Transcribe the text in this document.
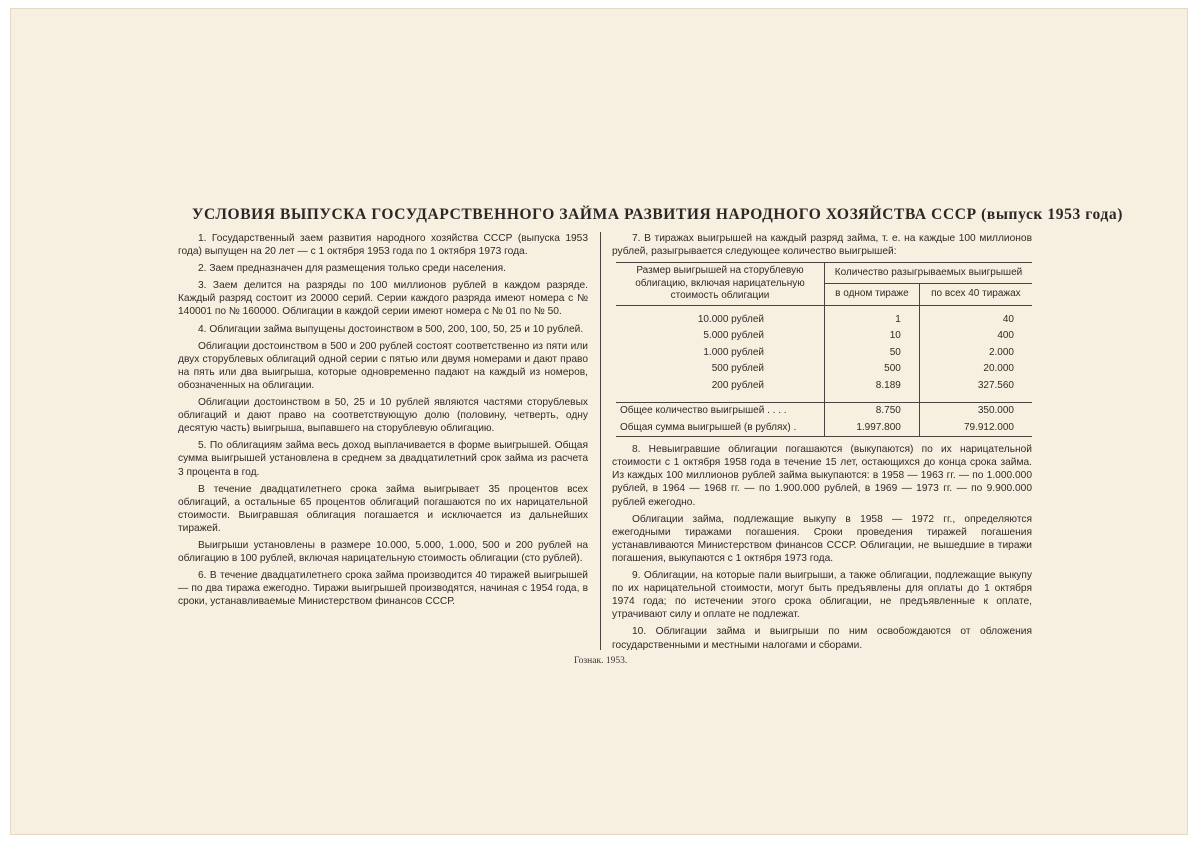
УСЛОВИЯ ВЫПУСКА ГОСУДАРСТВЕННОГО ЗАЙМА РАЗВИТИЯ НАРОДНОГО ХОЗЯЙСТВА СССР (выпуск 1953 года)

1. Государственный заем развития народного хозяйства СССР (выпуска 1953 года) выпущен на 20 лет — с 1 октября 1953 года по 1 октября 1973 года.

2. Заем предназначен для размещения только среди населения.

3. Заем делится на разряды по 100 миллионов рублей в каждом разряде. Каждый разряд состоит из 20000 серий. Серии каждого разряда имеют номера с № 140001 по № 160000. Облигации в каждой серии имеют номера с № 01 по № 50.

4. Облигации займа выпущены достоинством в 500, 200, 100, 50, 25 и 10 рублей.

Облигации достоинством в 500 и 200 рублей состоят соответственно из пяти или двух сторублевых облигаций одной серии с пятью или двумя номерами и дают право на пять или два выигрыша, которые одновременно падают на каждый из номеров, обозначенных на облигации.

Облигации достоинством в 50, 25 и 10 рублей являются частями сторублевых облигаций и дают право на соответствующую долю (половину, четверть, одну десятую часть) выигрыша, выпавшего на сторублевую облигацию.

5. По облигациям займа весь доход выплачивается в форме выигрышей. Общая сумма выигрышей установлена в среднем за двадцатилетний срок займа из расчета 3 процента в год.

В течение двадцатилетнего срока займа выигрывает 35 процентов всех облигаций, а остальные 65 процентов облигаций погашаются по их нарицательной стоимости. Выигравшая облигация погашается и исключается из дальнейших тиражей.

Выигрыши установлены в размере 10.000, 5.000, 1.000, 500 и 200 рублей на облигацию в 100 рублей, включая нарицательную стоимость облигации (сто рублей).

6. В течение двадцатилетнего срока займа производится 40 тиражей выигрышей — по два тиража ежегодно. Тиражи выигрышей производятся, начиная с 1954 года, в сроки, устанавливаемые Министерством финансов СССР.

7. В тиражах выигрышей на каждый разряд займа, т. е. на каждые 100 миллионов рублей, разыгрывается следующее количество выигрышей:

Размер выигрышей на сторублевую облигацию, включая нарицательную стоимость облигации	Количество разыгрываемых выигрышей	
	в одном тираже	по всех 40 тиражах
10.000 рублей	1	40
5.000 рублей	10	400
1.000 рублей	50	2.000
500 рублей	500	20.000
200 рублей	8.189	327.560
Общее количество выигрышей . . . .	8.750	350.000
Общая сумма выигрышей (в рублях) .	1.997.800	79.912.000

8. Невыигравшие облигации погашаются (выкупаются) по их нарицательной стоимости с 1 октября 1958 года в течение 15 лет, остающихся до конца срока займа. Из каждых 100 миллионов рублей займа выкупаются: в 1958 — 1963 гг. — по 1.000.000 рублей, в 1964 — 1968 гг. — по 1.900.000 рублей, в 1969 — 1973 гг. — по 9.900.000 рублей ежегодно.

Облигации займа, подлежащие выкупу в 1958 — 1972 гг., определяются ежегодными тиражами погашения. Сроки проведения тиражей погашения устанавливаются Министерством финансов СССР. Облигации, не вышедшие в тиражи погашения, выкупаются с 1 октября 1973 года.

9. Облигации, на которые пали выигрыши, а также облигации, подлежащие выкупу по их нарицательной стоимости, могут быть предъявлены для оплаты до 1 октября 1974 года; по истечении этого срока облигации, не предъявленные к оплате, утрачивают силу и оплате не подлежат.

10. Облигации займа и выигрыши по ним освобождаются от обложения государственными и местными налогами и сборами.

Гознак. 1953.
